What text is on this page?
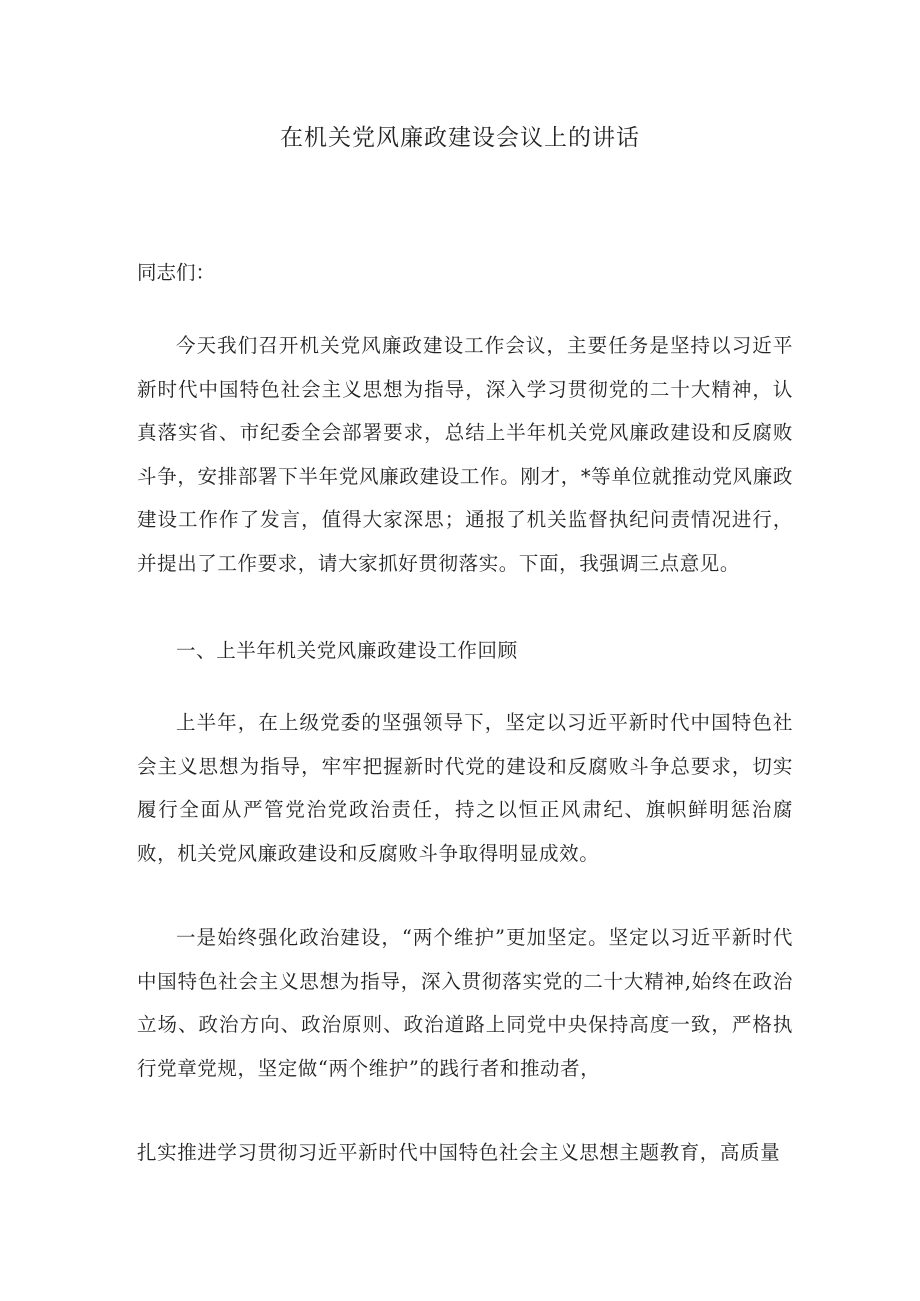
在机关党风廉政建设会议上的讲话

同志们：

今天我们召开机关党风廉政建设工作会议，主要任务是坚持以习近平新时代中国特色社会主义思想为指导，深入学习贯彻党的二十大精神，认真落实省、市纪委全会部署要求，总结上半年机关党风廉政建设和反腐败斗争，安排部署下半年党风廉政建设工作。刚才，*等单位就推动党风廉政建设工作作了发言，值得大家深思；通报了机关监督执纪问责情况进行，并提出了工作要求，请大家抓好贯彻落实。下面，我强调三点意见。

一、上半年机关党风廉政建设工作回顾

上半年，在上级党委的坚强领导下，坚定以习近平新时代中国特色社会主义思想为指导，牢牢把握新时代党的建设和反腐败斗争总要求，切实履行全面从严管党治党政治责任，持之以恒正风肃纪、旗帜鲜明惩治腐败，机关党风廉政建设和反腐败斗争取得明显成效。

一是始终强化政治建设，“两个维护”更加坚定。坚定以习近平新时代中国特色社会主义思想为指导，深入贯彻落实党的二十大精神,始终在政治立场、政治方向、政治原则、政治道路上同党中央保持高度一致，严格执行党章党规，坚定做“两个维护”的践行者和推动者，

扎实推进学习贯彻习近平新时代中国特色社会主义思想主题教育，高质量
